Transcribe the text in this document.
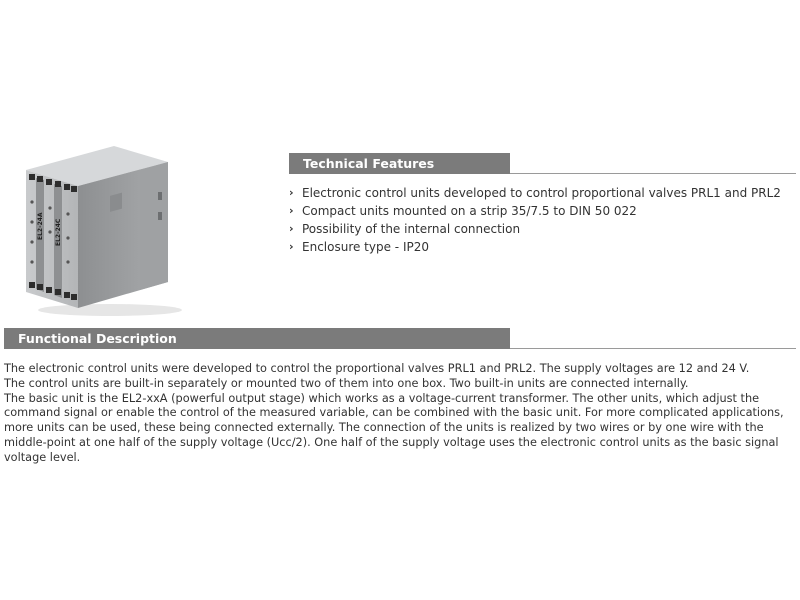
EL2-24A EL2-24C
Technical Features
› Electronic control units developed to control proportional valves PRL1 and PRL2
› Compact units mounted on a strip 35/7.5 to DIN 50 022
› Possibility of the internal connection
› Enclosure type - IP20
Functional Description

The electronic control units were developed to control the proportional valves PRL1 and PRL2. The supply voltages are 12 and 24 V.

The control units are built-in separately or mounted two of them into one box. Two built-in units are connected internally.

The basic unit is the EL2-xxA (powerful output stage) which works as a voltage-current transformer. The other units, which adjust the command signal or enable the control of the measured variable, can be combined with the basic unit. For more complicated applications, more units can be used, these being connected externally. The connection of the units is realized by two wires or by one wire with the middle-point at one half of the supply voltage (Ucc/2). One half of the supply voltage uses the electronic control units as the basic signal voltage level.
